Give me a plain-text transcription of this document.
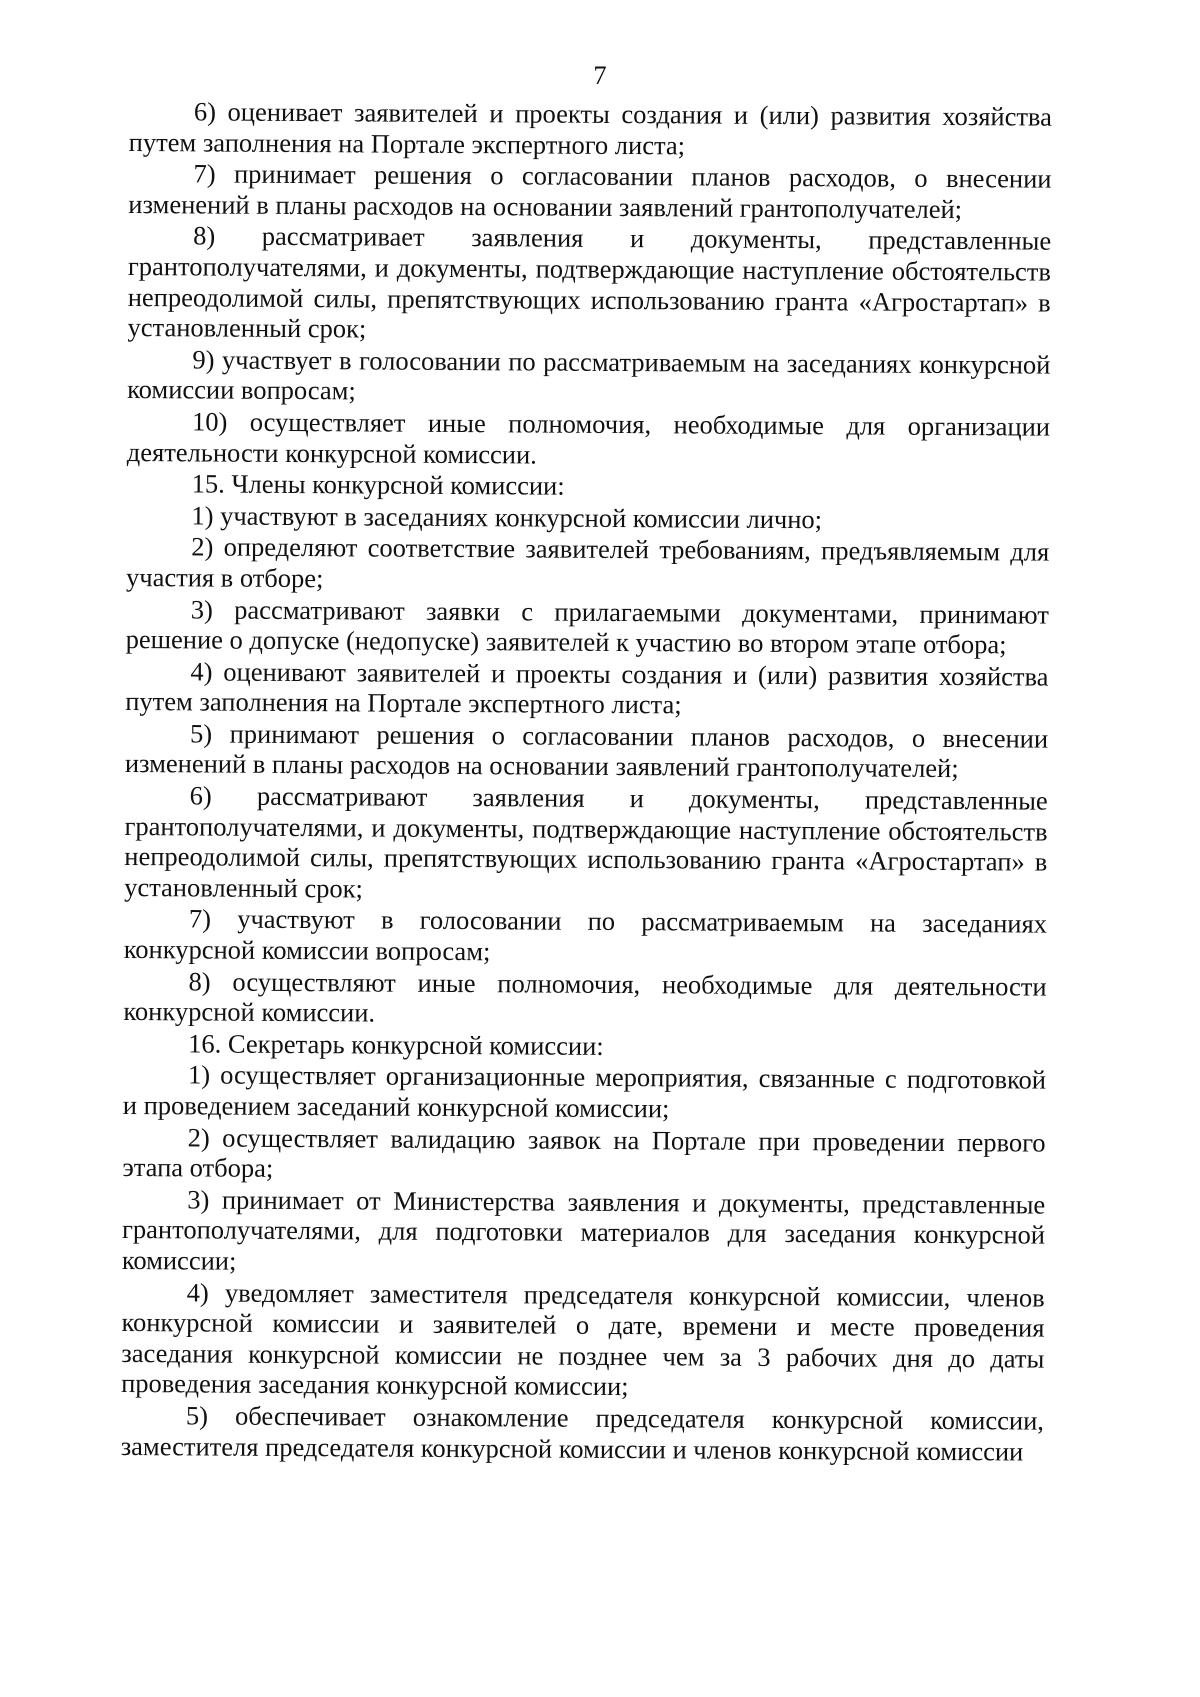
7

6) оценивает заявителей и проекты создания и (или) развития хозяйства путем заполнения на Портале экспертного листа;

7) принимает решения о согласовании планов расходов, о внесении изменений в планы расходов на основании заявлений грантополучателей;

8) рассматривает заявления и документы, представленные грантополучателями, и документы, подтверждающие наступление обстоятельств непреодолимой силы, препятствующих использованию гранта «Агростартап» в установленный срок;

9) участвует в голосовании по рассматриваемым на заседаниях конкурсной комиссии вопросам;

10) осуществляет иные полномочия, необходимые для организации деятельности конкурсной комиссии.

15. Члены конкурсной комиссии:

1) участвуют в заседаниях конкурсной комиссии лично;

2) определяют соответствие заявителей требованиям, предъявляемым для участия в отборе;

3) рассматривают заявки с прилагаемыми документами, принимают решение о допуске (недопуске) заявителей к участию во втором этапе отбора;

4) оценивают заявителей и проекты создания и (или) развития хозяйства путем заполнения на Портале экспертного листа;

5) принимают решения о согласовании планов расходов, о внесении изменений в планы расходов на основании заявлений грантополучателей;

6) рассматривают заявления и документы, представленные грантополучателями, и документы, подтверждающие наступление обстоятельств непреодолимой силы, препятствующих использованию гранта «Агростартап» в установленный срок;

7) участвуют в голосовании по рассматриваемым на заседаниях конкурсной комиссии вопросам;

8) осуществляют иные полномочия, необходимые для деятельности конкурсной комиссии.

16. Секретарь конкурсной комиссии:

1) осуществляет организационные мероприятия, связанные с подготовкой и проведением заседаний конкурсной комиссии;

2) осуществляет валидацию заявок на Портале при проведении первого этапа отбора;

3) принимает от Министерства заявления и документы, представленные грантополучателями, для подготовки материалов для заседания конкурсной комиссии;

4) уведомляет заместителя председателя конкурсной комиссии, членов конкурсной комиссии и заявителей о дате, времени и месте проведения заседания конкурсной комиссии не позднее чем за 3 рабочих дня до даты проведения заседания конкурсной комиссии;

5) обеспечивает ознакомление председателя конкурсной комиссии, заместителя председателя конкурсной комиссии и членов конкурсной комиссии
